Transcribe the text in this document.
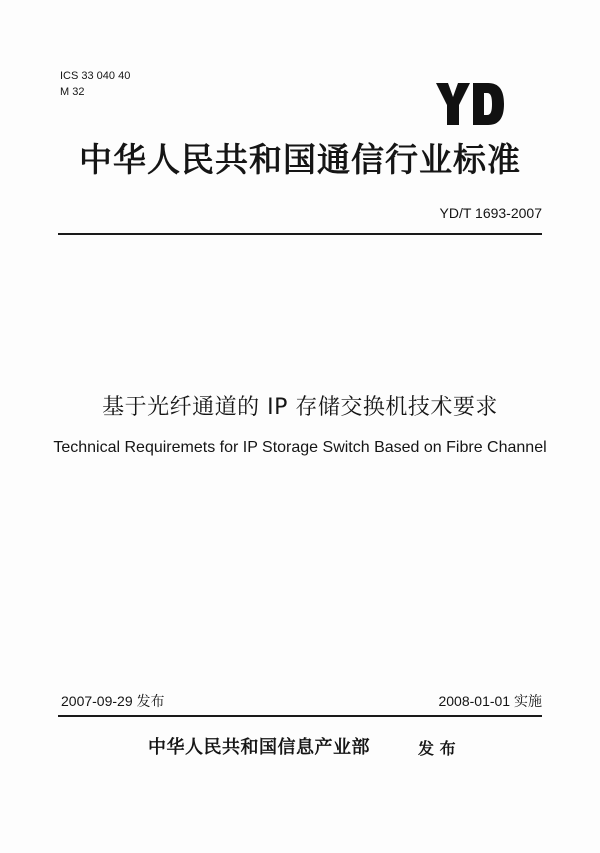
ICS 33 040 40
M 32
中华人民共和国通信行业标准
YD/T 1693-2007
基于光纤通道的 IP 存储交换机技术要求
Technical Requiremets for IP Storage Switch Based on Fibre Channel
2007-09-29 发布	2008-01-01 实施
中华人民共和国信息产业部	发 布
